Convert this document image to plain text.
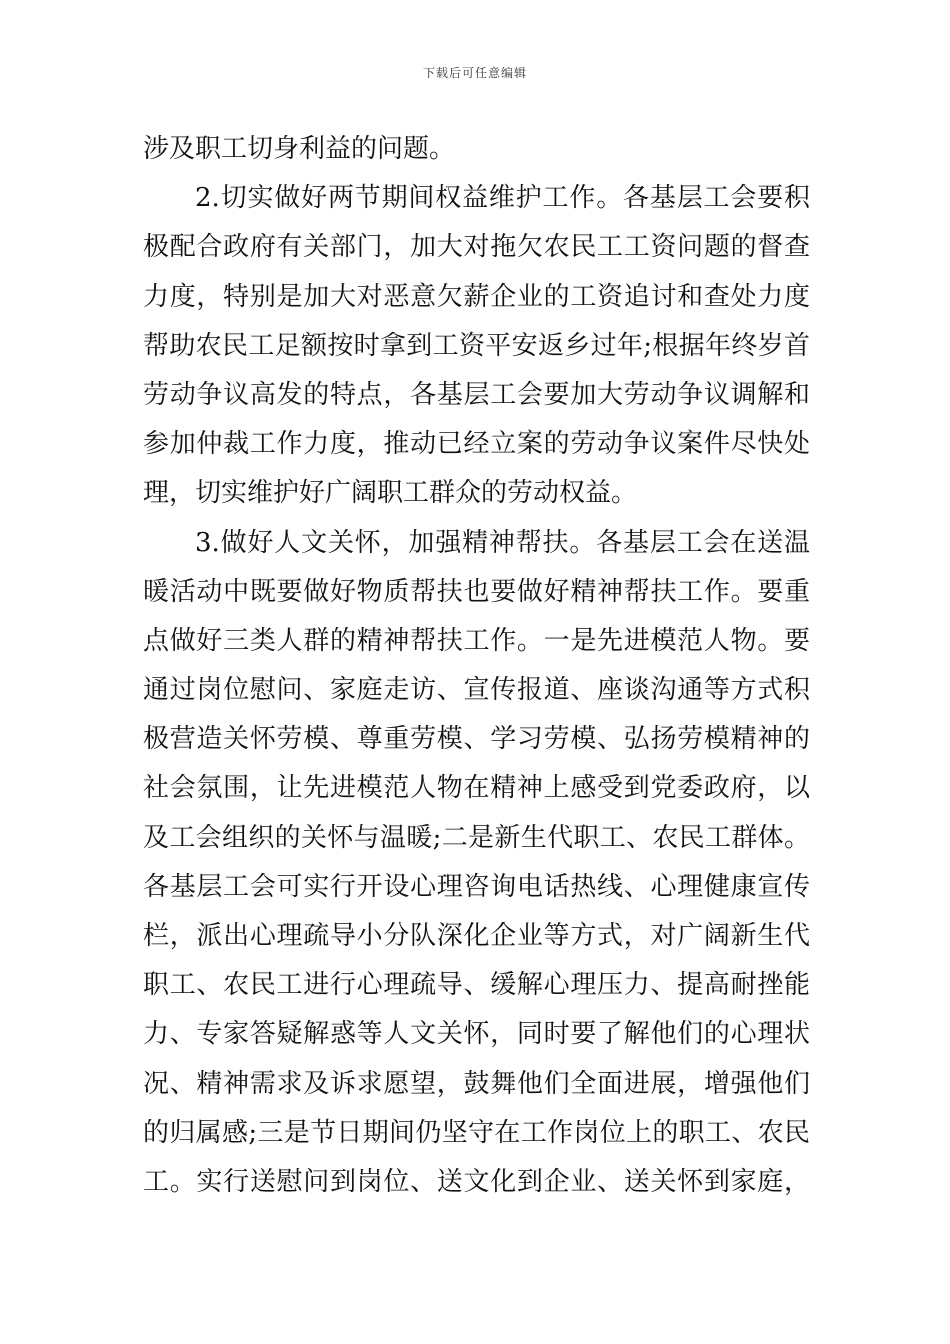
下载后可任意编辑
涉及职工切身利益的问题。
2.切实做好两节期间权益维护工作。各基层工会要积
极配合政府有关部门，加大对拖欠农民工工资问题的督查
力度，特别是加大对恶意欠薪企业的工资追讨和查处力度
帮助农民工足额按时拿到工资平安返乡过年;根据年终岁首
劳动争议高发的特点，各基层工会要加大劳动争议调解和
参加仲裁工作力度，推动已经立案的劳动争议案件尽快处
理，切实维护好广阔职工群众的劳动权益。
3.做好人文关怀，加强精神帮扶。各基层工会在送温
暖活动中既要做好物质帮扶也要做好精神帮扶工作。要重
点做好三类人群的精神帮扶工作。一是先进模范人物。要
通过岗位慰问、家庭走访、宣传报道、座谈沟通等方式积
极营造关怀劳模、尊重劳模、学习劳模、弘扬劳模精神的
社会氛围，让先进模范人物在精神上感受到党委政府，以
及工会组织的关怀与温暖;二是新生代职工、农民工群体。
各基层工会可实行开设心理咨询电话热线、心理健康宣传
栏，派出心理疏导小分队深化企业等方式，对广阔新生代
职工、农民工进行心理疏导、缓解心理压力、提高耐挫能
力、专家答疑解惑等人文关怀，同时要了解他们的心理状
况、精神需求及诉求愿望，鼓舞他们全面进展，增强他们
的归属感;三是节日期间仍坚守在工作岗位上的职工、农民
工。实行送慰问到岗位、送文化到企业、送关怀到家庭，
